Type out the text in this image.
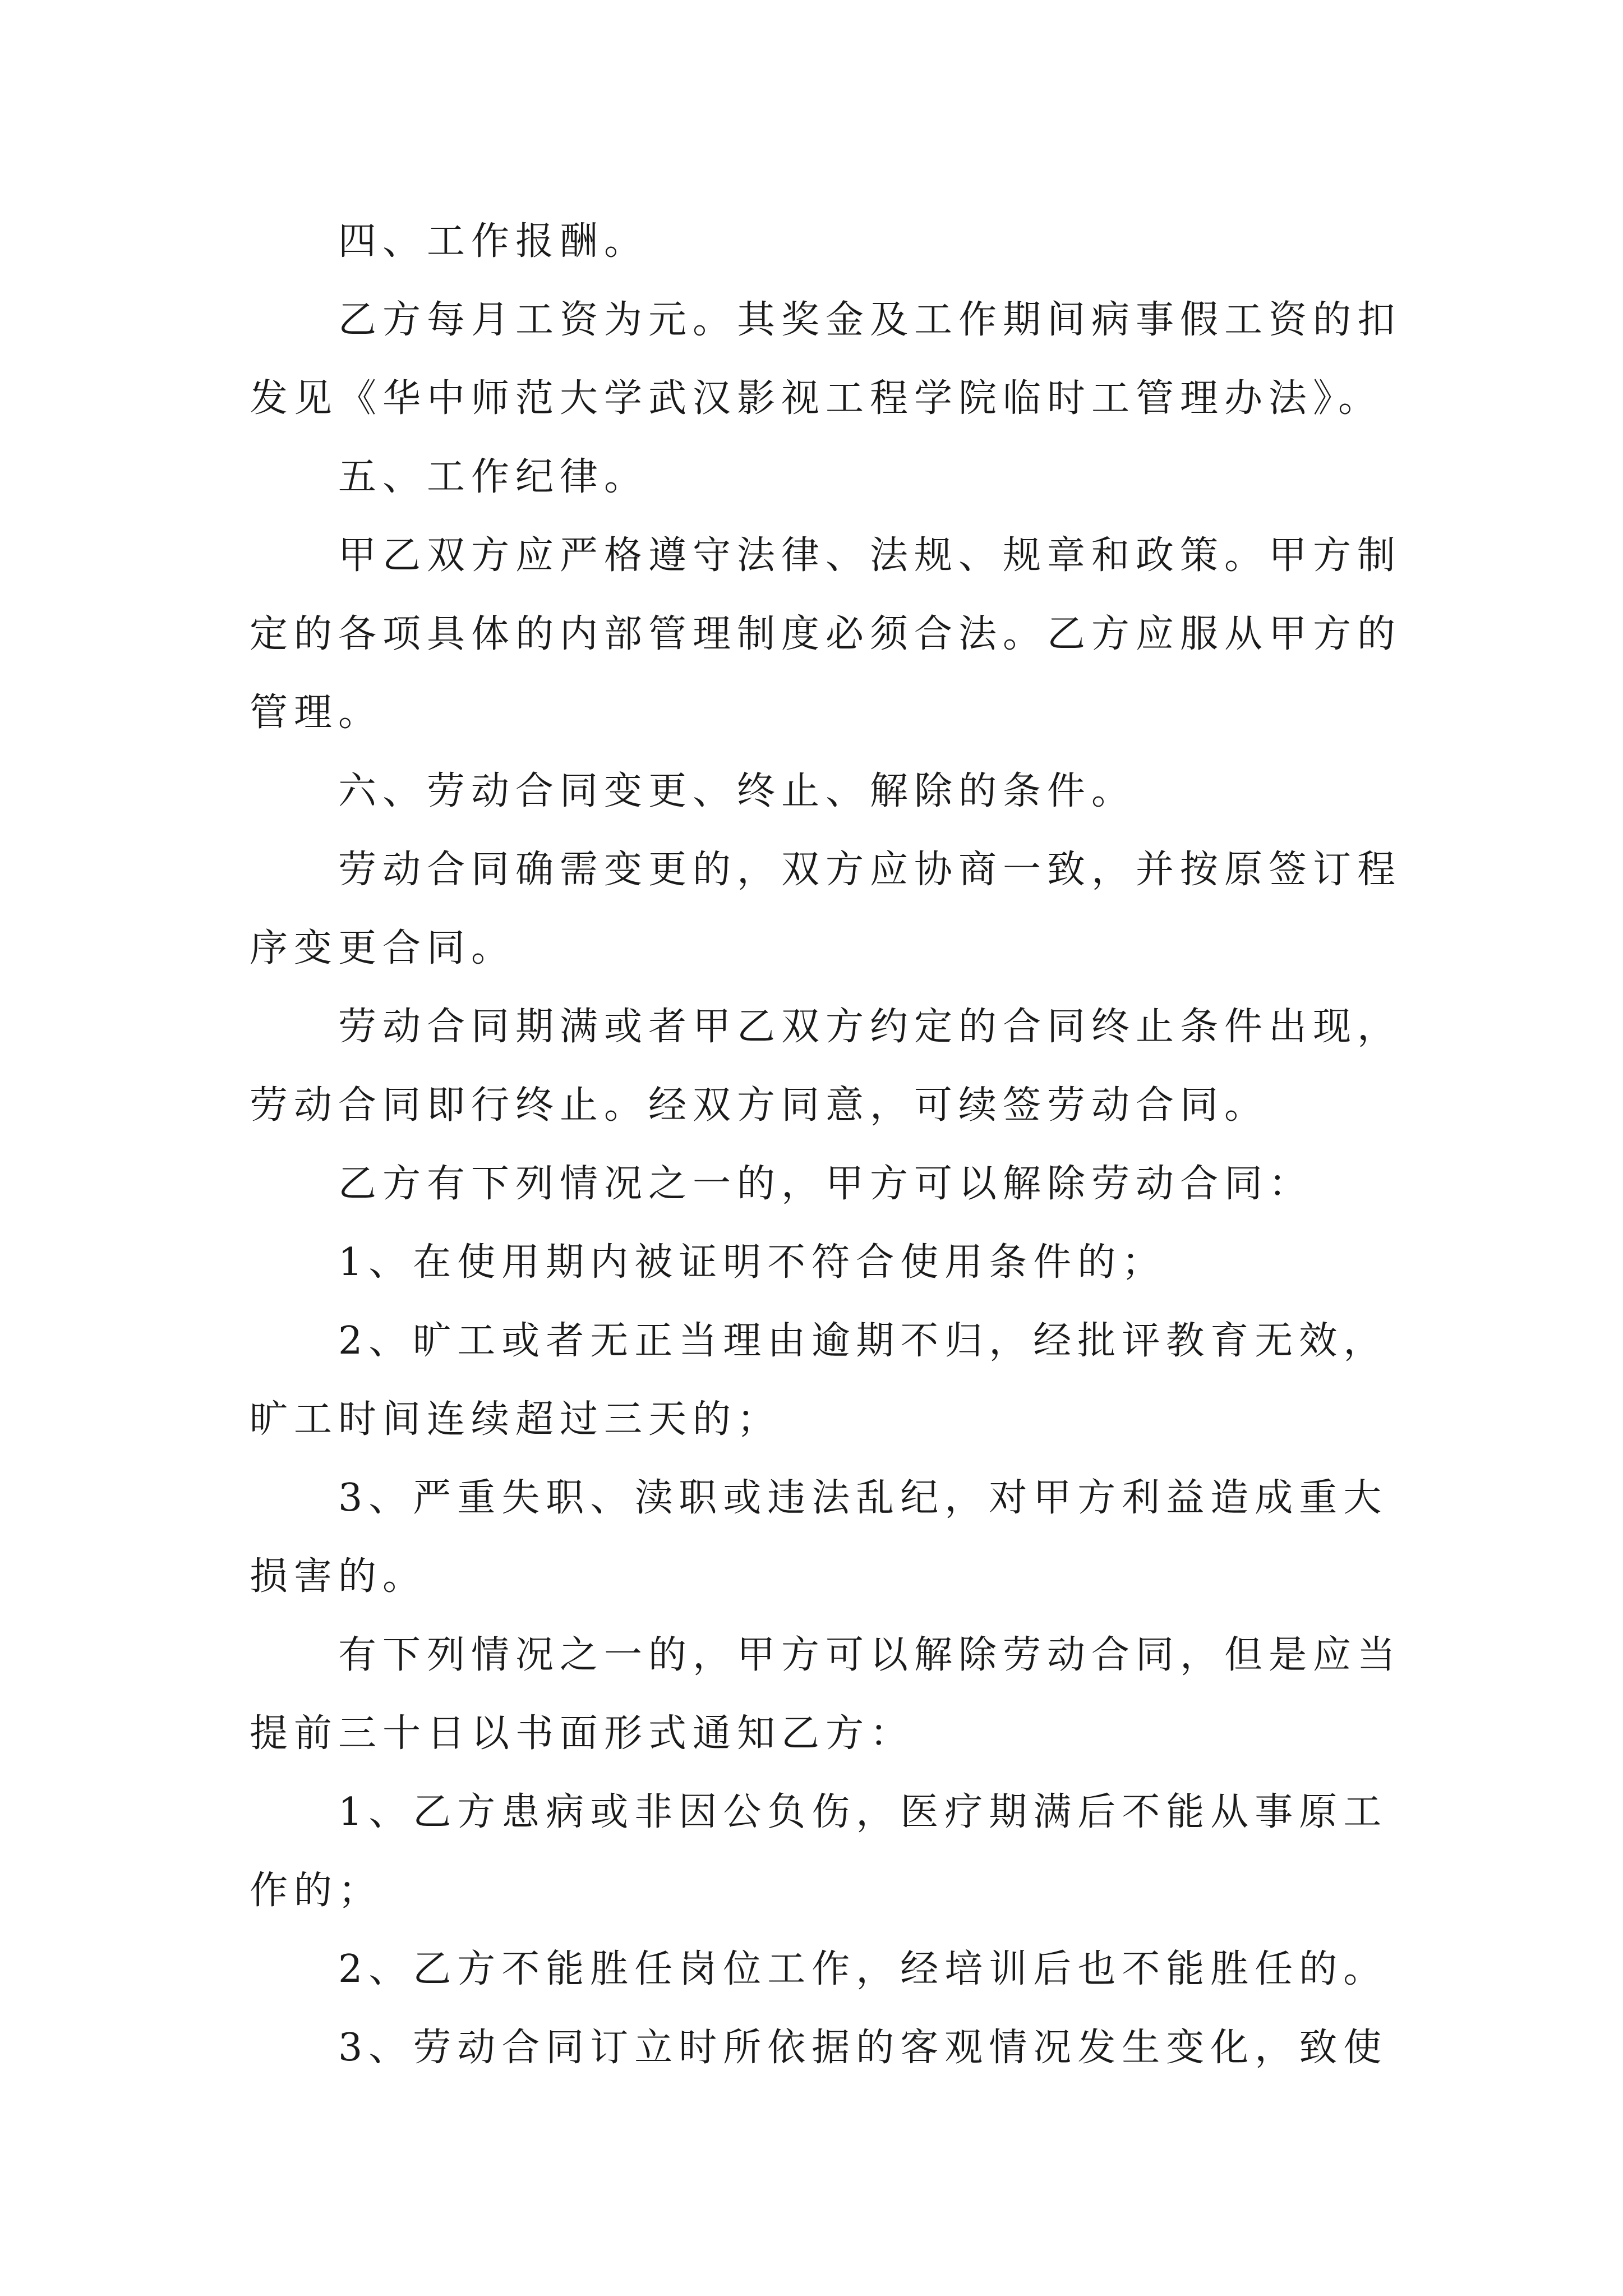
四、工作报酬。
乙方每月工资为元。其奖金及工作期间病事假工资的扣
发见《华中师范大学武汉影视工程学院临时工管理办法》。
五、工作纪律。
甲乙双方应严格遵守法律、法规、规章和政策。甲方制
定的各项具体的内部管理制度必须合法。乙方应服从甲方的
管理。
六、劳动合同变更、终止、解除的条件。
劳动合同确需变更的，双方应协商一致，并按原签订程
序变更合同。
劳动合同期满或者甲乙双方约定的合同终止条件出现，
劳动合同即行终止。经双方同意，可续签劳动合同。
乙方有下列情况之一的，甲方可以解除劳动合同：
1、在使用期内被证明不符合使用条件的；
2、旷工或者无正当理由逾期不归，经批评教育无效，
旷工时间连续超过三天的；
3、严重失职、渎职或违法乱纪，对甲方利益造成重大
损害的。
有下列情况之一的，甲方可以解除劳动合同，但是应当
提前三十日以书面形式通知乙方：
1、乙方患病或非因公负伤，医疗期满后不能从事原工
作的；
2、乙方不能胜任岗位工作，经培训后也不能胜任的。
3、劳动合同订立时所依据的客观情况发生变化，致使
